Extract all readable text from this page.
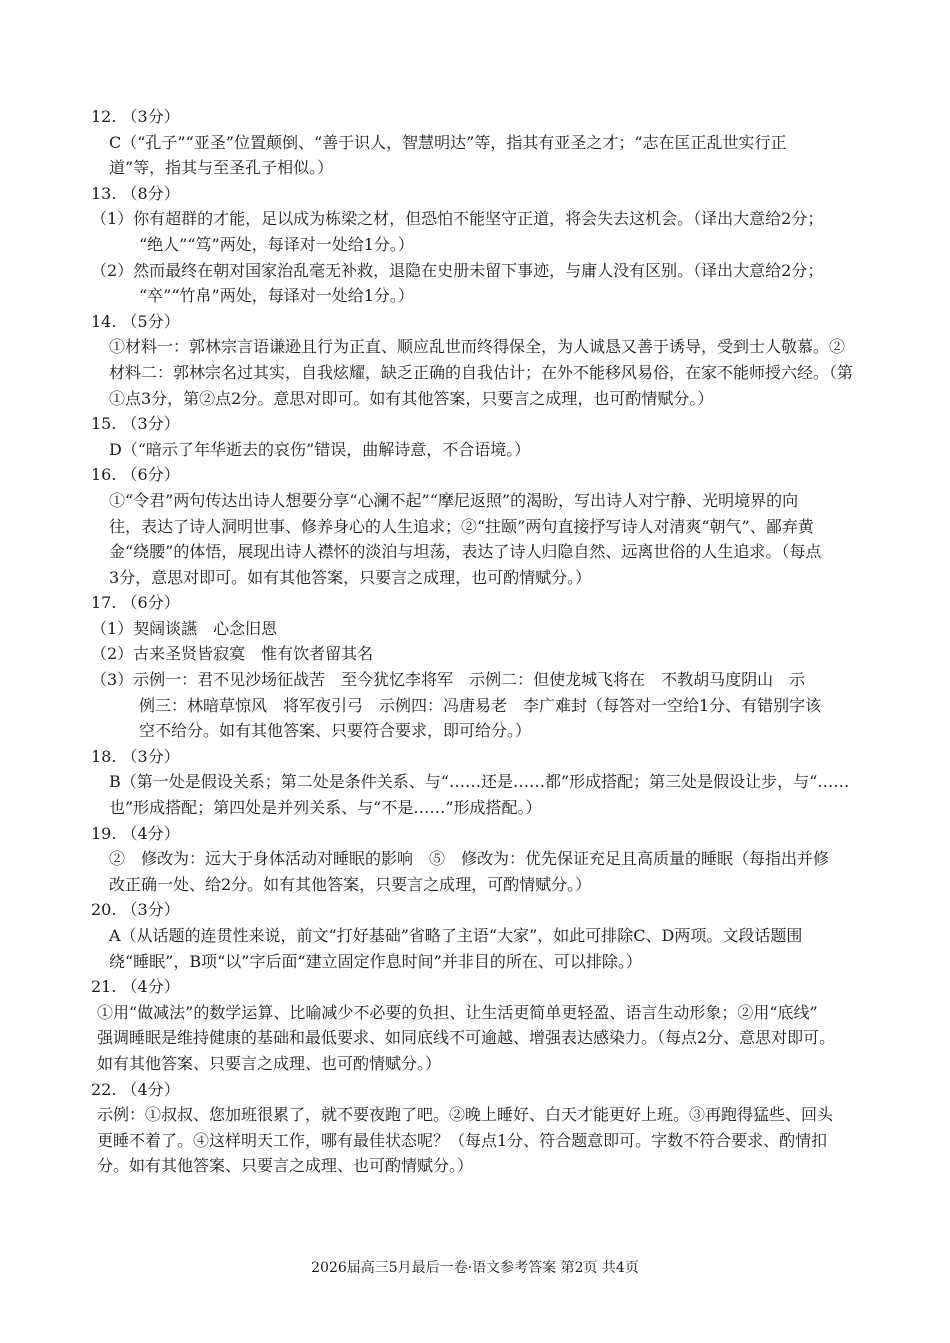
12. （3分）
C（“孔子”“亚圣”位置颠倒、“善于识人，智慧明达”等，指其有亚圣之才；“志在匡正乱世实行正
道”等，指其与至圣孔子相似。）
13. （8分）
（1）你有超群的才能，足以成为栋梁之材，但恐怕不能坚守正道，将会失去这机会。（译出大意给2分；
“绝人”“笃”两处，每译对一处给1分。）
（2）然而最终在朝对国家治乱毫无补救，退隐在史册未留下事迹，与庸人没有区别。（译出大意给2分；
“卒”“竹帛”两处，每译对一处给1分。）
14. （5分）
①材料一：郭林宗言语谦逊且行为正直、顺应乱世而终得保全，为人诚恳又善于诱导，受到士人敬慕。②
材料二：郭林宗名过其实，自我炫耀，缺乏正确的自我估计；在外不能移风易俗，在家不能师授六经。（第
①点3分，第②点2分。意思对即可。如有其他答案，只要言之成理，也可酌情赋分。）
15. （3分）
D（“暗示了年华逝去的哀伤”错误，曲解诗意，不合语境。）
16. （6分）
①“令君”两句传达出诗人想要分享“心澜不起”“摩尼返照”的渴盼，写出诗人对宁静、光明境界的向
往，表达了诗人洞明世事、修养身心的人生追求；②“拄颐”两句直接抒写诗人对清爽“朝气”、鄙弃黄
金“绕腰”的体悟，展现出诗人襟怀的淡泊与坦荡，表达了诗人归隐自然、远离世俗的人生追求。（每点
3分，意思对即可。如有其他答案，只要言之成理，也可酌情赋分。）
17. （6分）
（1）契阔谈讌　心念旧恩
（2）古来圣贤皆寂寞　惟有饮者留其名
（3）示例一：君不见沙场征战苦　至今犹忆李将军　示例二：但使龙城飞将在　不教胡马度阴山　示
例三：林暗草惊风　将军夜引弓　示例四：冯唐易老　李广难封（每答对一空给1分、有错别字该
空不给分。如有其他答案、只要符合要求，即可给分。）
18. （3分）
B（第一处是假设关系；第二处是条件关系、与“……还是……都”形成搭配；第三处是假设让步，与“……
也”形成搭配；第四处是并列关系、与“不是……”形成搭配。）
19. （4分）
②　修改为：远大于身体活动对睡眠的影响　⑤　修改为：优先保证充足且高质量的睡眠（每指出并修
改正确一处、给2分。如有其他答案，只要言之成理，可酌情赋分。）
20. （3分）
A（从话题的连贯性来说，前文“打好基础”省略了主语“大家”，如此可排除C、D两项。文段话题围
绕“睡眠”，B项“以”字后面“建立固定作息时间”并非目的所在、可以排除。）
21. （4分）
①用“做减法”的数学运算、比喻减少不必要的负担、让生活更简单更轻盈、语言生动形象；②用“底线”
强调睡眠是维持健康的基础和最低要求、如同底线不可逾越、增强表达感染力。（每点2分、意思对即可。
如有其他答案、只要言之成理、也可酌情赋分。）
22. （4分）
示例：①叔叔、您加班很累了，就不要夜跑了吧。②晚上睡好、白天才能更好上班。③再跑得猛些、回头
更睡不着了。④这样明天工作，哪有最佳状态呢？（每点1分、符合题意即可。字数不符合要求、酌情扣
分。如有其他答案、只要言之成理、也可酌情赋分。）
2026届高三5月最后一卷·语文参考答案 第2页 共4页
